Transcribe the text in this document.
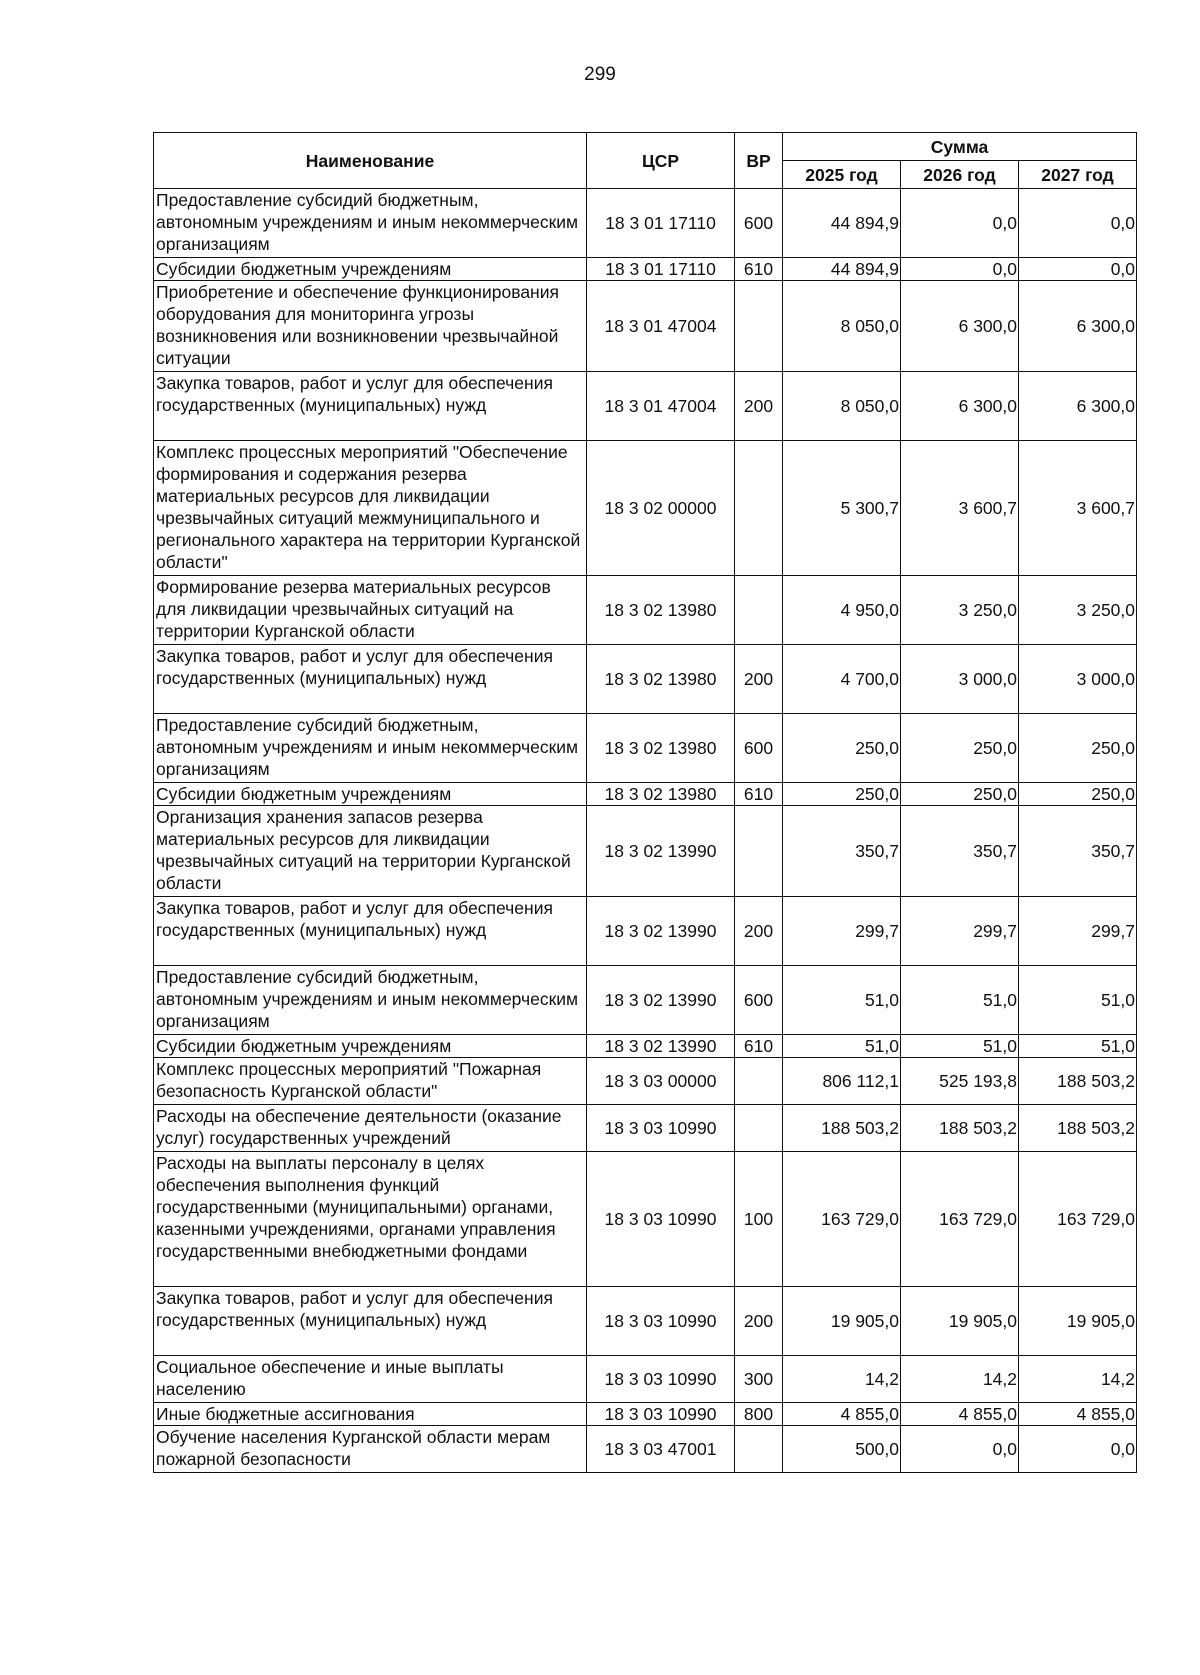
299
Наименование	ЦСР	ВР	Сумма		
			2025 год	2026 год	2027 год
Предоставление субсидий бюджетным, автономным учреждениям и иным некоммерческим организациям	18 3 01 17110	600	44 894,9	0,0	0,0
Субсидии бюджетным учреждениям	18 3 01 17110	610	44 894,9	0,0	0,0
Приобретение и обеспечение функционирования оборудования для мониторинга угрозы возникновения или возникновении чрезвычайной ситуации	18 3 01 47004		8 050,0	6 300,0	6 300,0
Закупка товаров, работ и услуг для обеспечения государственных (муниципальных) нужд	18 3 01 47004	200	8 050,0	6 300,0	6 300,0
Комплекс процессных мероприятий "Обеспечение формирования и содержания резерва материальных ресурсов для ликвидации чрезвычайных ситуаций межмуниципального и регионального характера на территории Курганской области"	18 3 02 00000		5 300,7	3 600,7	3 600,7
Формирование резерва материальных ресурсов для ликвидации чрезвычайных ситуаций на территории Курганской области	18 3 02 13980		4 950,0	3 250,0	3 250,0
Закупка товаров, работ и услуг для обеспечения государственных (муниципальных) нужд	18 3 02 13980	200	4 700,0	3 000,0	3 000,0
Предоставление субсидий бюджетным, автономным учреждениям и иным некоммерческим организациям	18 3 02 13980	600	250,0	250,0	250,0
Субсидии бюджетным учреждениям	18 3 02 13980	610	250,0	250,0	250,0
Организация хранения запасов резерва материальных ресурсов для ликвидации чрезвычайных ситуаций на территории Курганской области	18 3 02 13990		350,7	350,7	350,7
Закупка товаров, работ и услуг для обеспечения государственных (муниципальных) нужд	18 3 02 13990	200	299,7	299,7	299,7
Предоставление субсидий бюджетным, автономным учреждениям и иным некоммерческим организациям	18 3 02 13990	600	51,0	51,0	51,0
Субсидии бюджетным учреждениям	18 3 02 13990	610	51,0	51,0	51,0
Комплекс процессных мероприятий "Пожарная безопасность Курганской области"	18 3 03 00000		806 112,1	525 193,8	188 503,2
Расходы на обеспечение деятельности (оказание услуг) государственных учреждений	18 3 03 10990		188 503,2	188 503,2	188 503,2
Расходы на выплаты персоналу в целях обеспечения выполнения функций государственными (муниципальными) органами, казенными учреждениями, органами управления государственными внебюджетными фондами	18 3 03 10990	100	163 729,0	163 729,0	163 729,0
Закупка товаров, работ и услуг для обеспечения государственных (муниципальных) нужд	18 3 03 10990	200	19 905,0	19 905,0	19 905,0
Социальное обеспечение и иные выплаты населению	18 3 03 10990	300	14,2	14,2	14,2
Иные бюджетные ассигнования	18 3 03 10990	800	4 855,0	4 855,0	4 855,0
Обучение населения Курганской области мерам пожарной безопасности	18 3 03 47001		500,0	0,0	0,0
